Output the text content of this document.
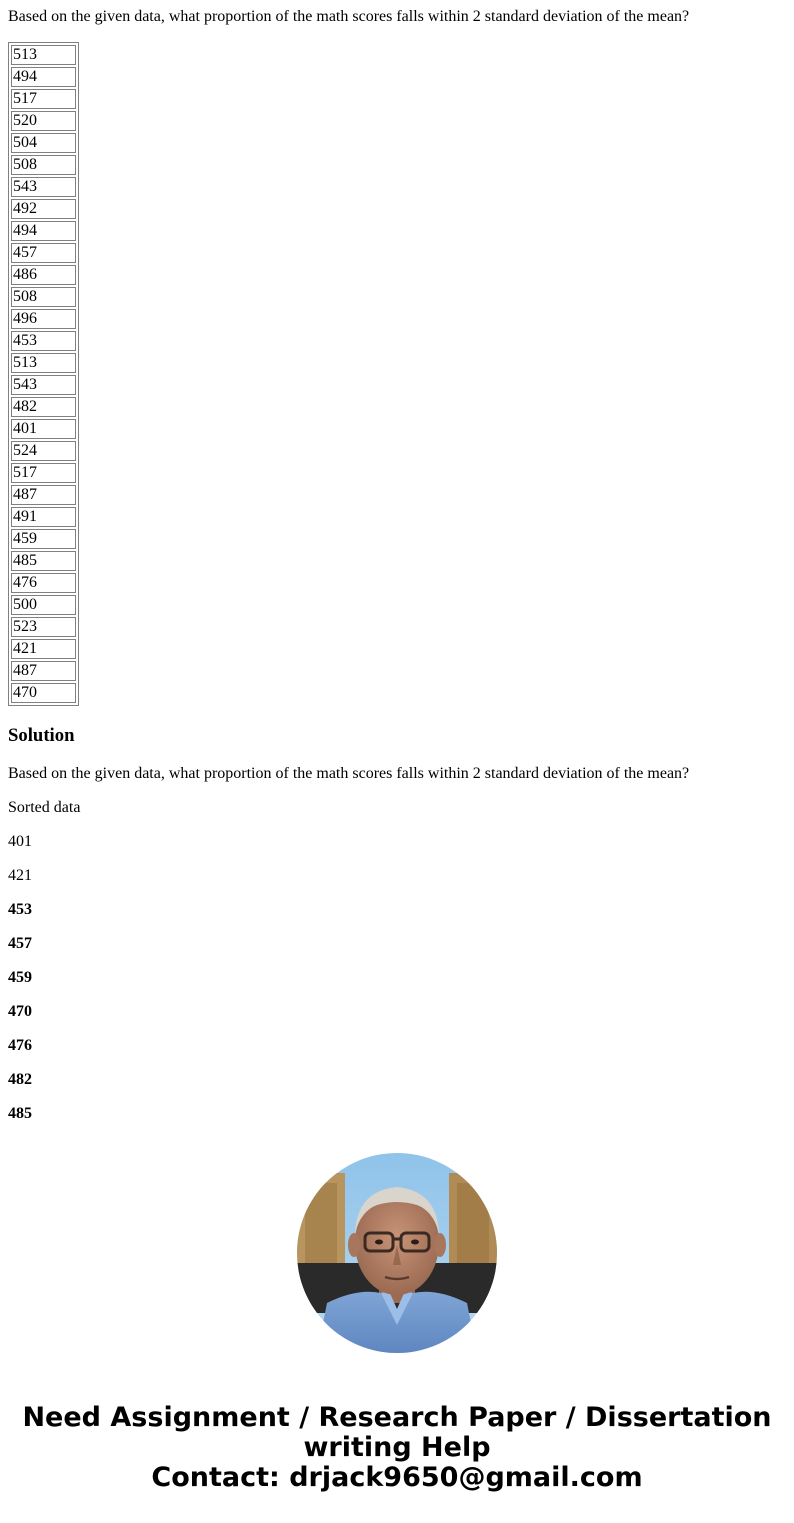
Based on the given data, what proportion of the math scores falls within 2 standard deviation of the mean?

513
494
517
520
504
508
543
492
494
457
486
508
496
453
513
543
482
401
524
517
487
491
459
485
476
500
523
421
487
470
Solution

Based on the given data, what proportion of the math scores falls within 2 standard deviation of the mean?

Sorted data

401

421

453

457

459

470

476

482

485

Need Assignment / Research Paper / Dissertation
writing Help
Contact: drjack9650@gmail.com
